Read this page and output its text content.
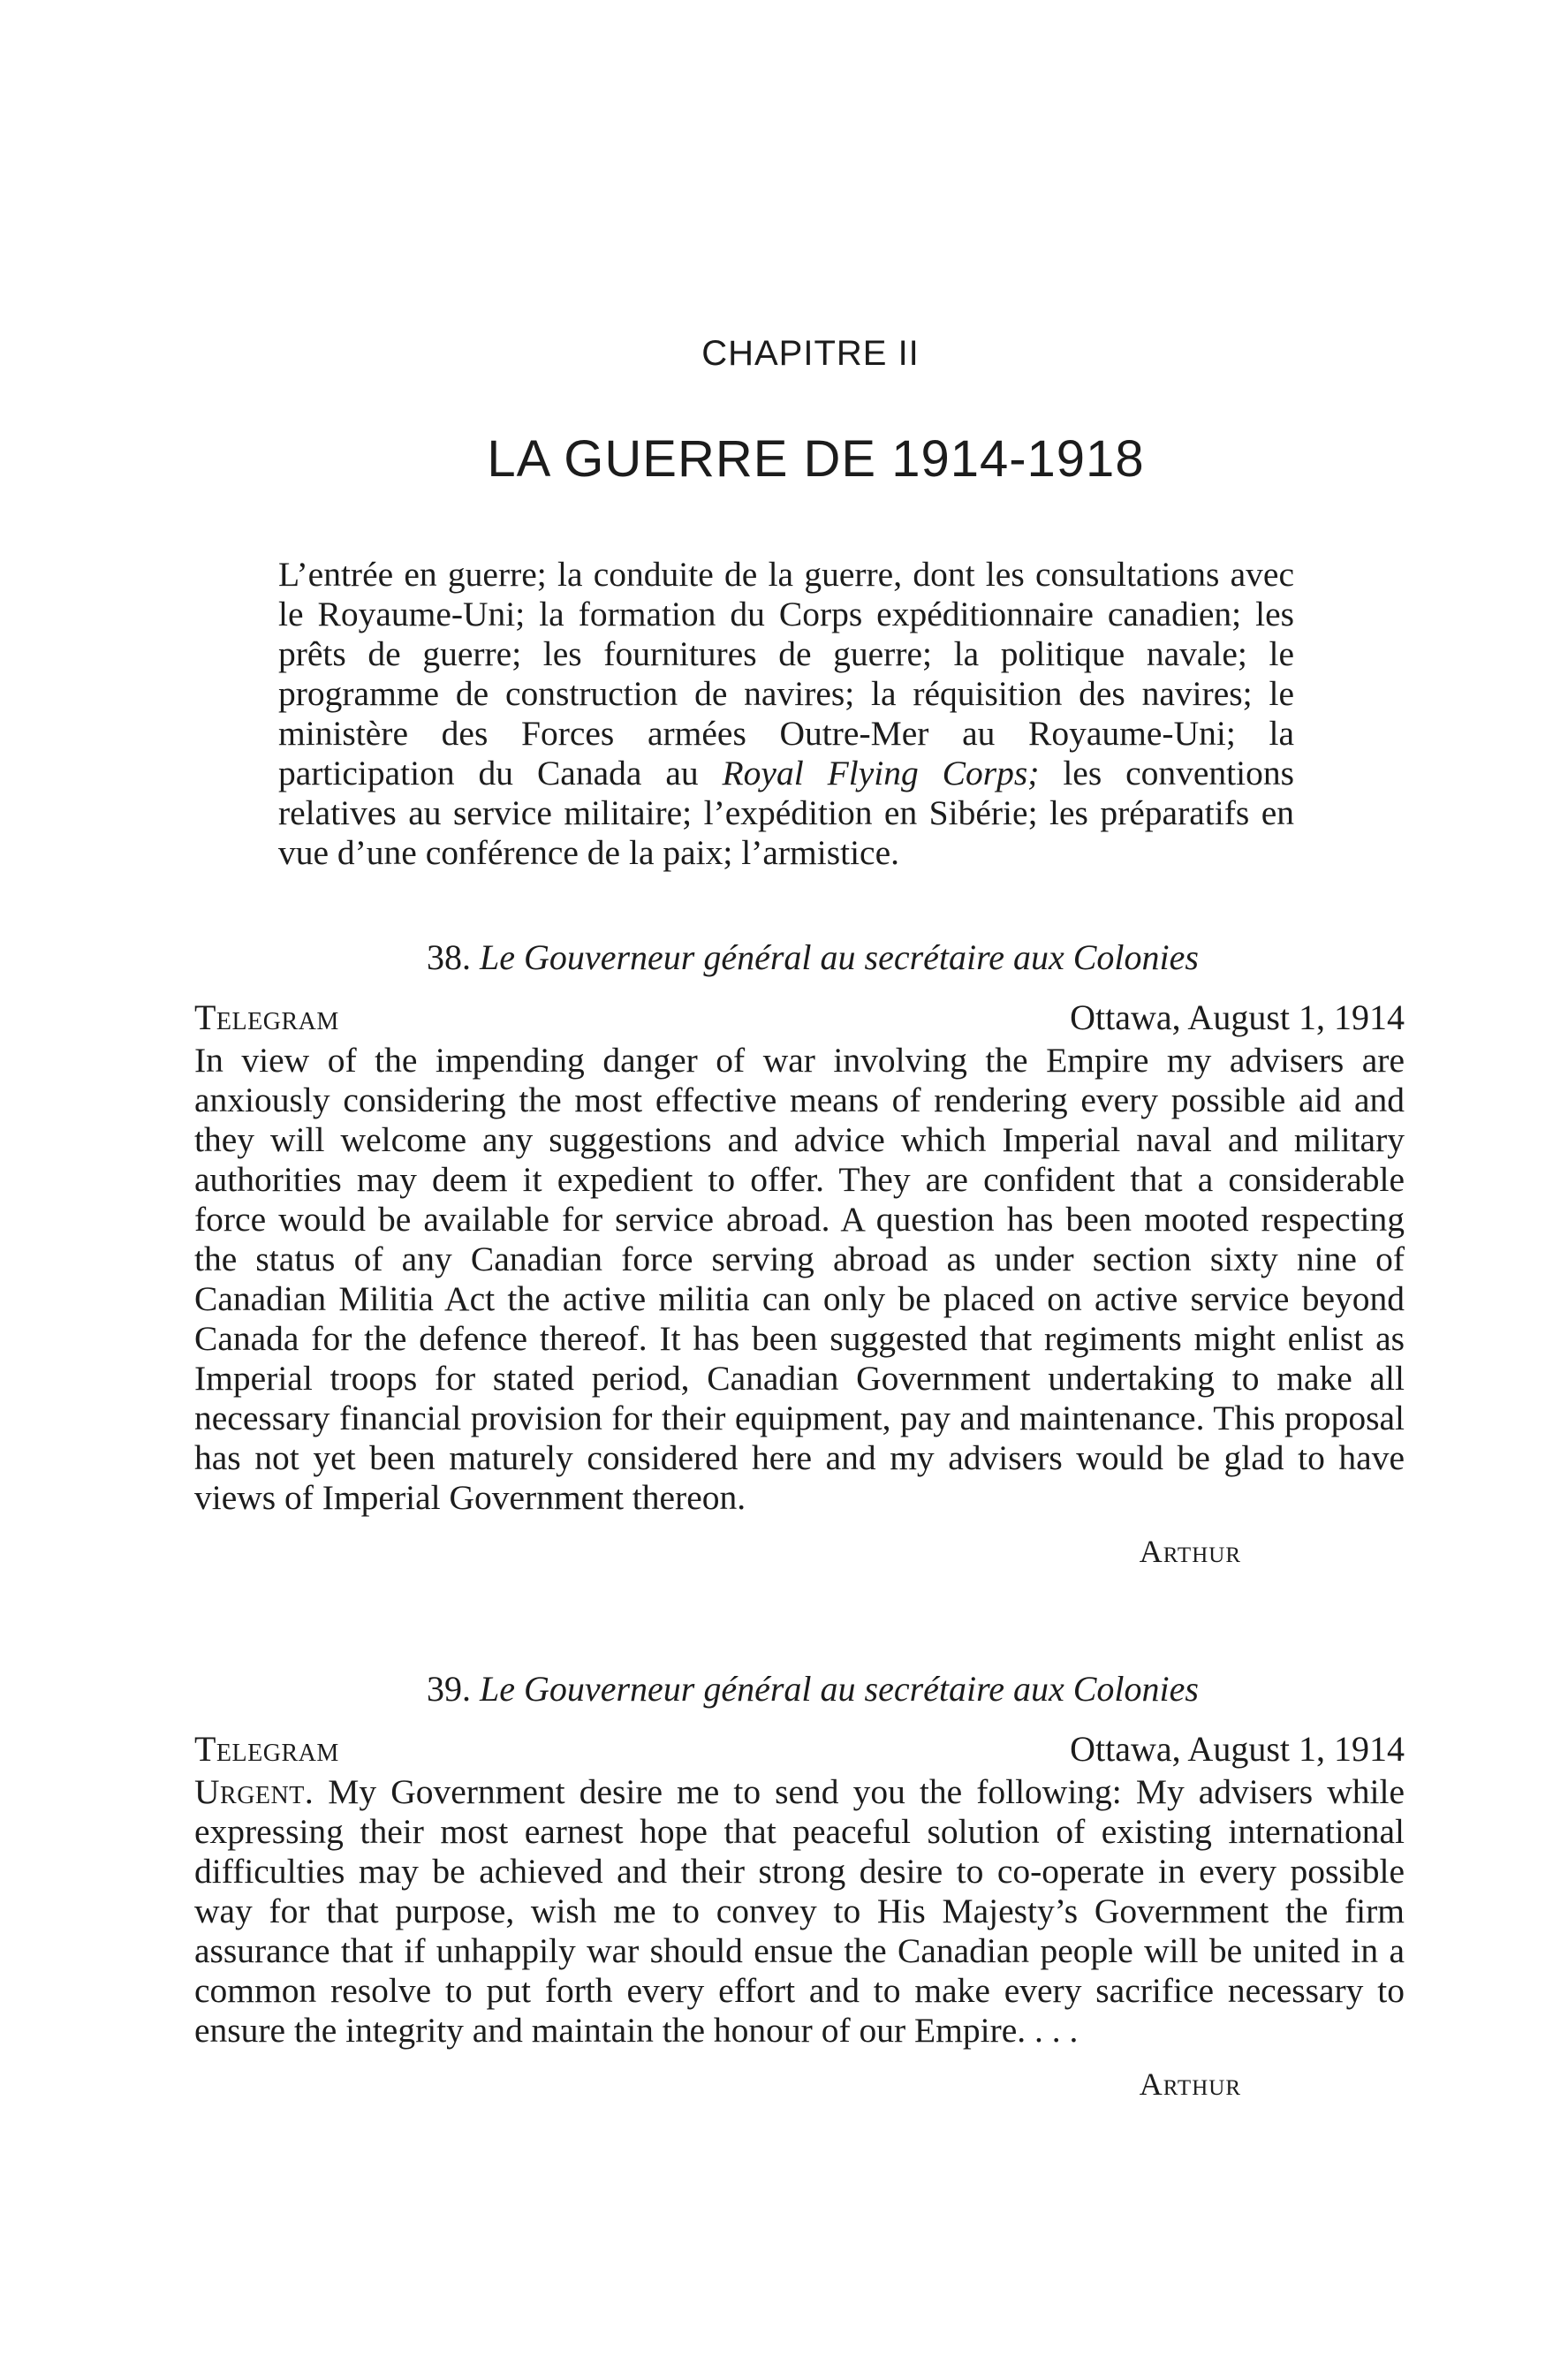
CHAPITRE II
LA GUERRE DE 1914-1918
L’entrée en guerre; la conduite de la guerre, dont les consultations avec le Royaume-Uni; la formation du Corps expéditionnaire canadien; les prêts de guerre; les fournitures de guerre; la politique navale; le programme de construction de navires; la réquisition des navires; le ministère des Forces armées Outre-Mer au Royaume-Uni; la participation du Canada au Royal Flying Corps; les conventions relatives au service militaire; l’expédition en Sibérie; les préparatifs en vue d’une conférence de la paix; l’armistice.
38. Le Gouverneur général au secrétaire aux Colonies
Telegram	Ottawa, August 1, 1914
In view of the impending danger of war involving the Empire my advisers are anxiously considering the most effective means of rendering every possible aid and they will welcome any suggestions and advice which Imperial naval and military authorities may deem it expedient to offer. They are confident that a considerable force would be available for service abroad. A question has been mooted respecting the status of any Canadian force serving abroad as under section sixty nine of Canadian Militia Act the active militia can only be placed on active service beyond Canada for the defence thereof. It has been suggested that regiments might enlist as Imperial troops for stated period, Canadian Government undertaking to make all necessary financial provision for their equipment, pay and maintenance. This proposal has not yet been maturely considered here and my advisers would be glad to have views of Imperial Government thereon.
Arthur
39. Le Gouverneur général au secrétaire aux Colonies
Telegram	Ottawa, August 1, 1914
Urgent. My Government desire me to send you the following: My advisers while expressing their most earnest hope that peaceful solution of existing international difficulties may be achieved and their strong desire to co-operate in every possible way for that purpose, wish me to convey to His Majesty’s Government the firm assurance that if unhappily war should ensue the Canadian people will be united in a common resolve to put forth every effort and to make every sacrifice necessary to ensure the integrity and maintain the honour of our Empire. . . .
Arthur
